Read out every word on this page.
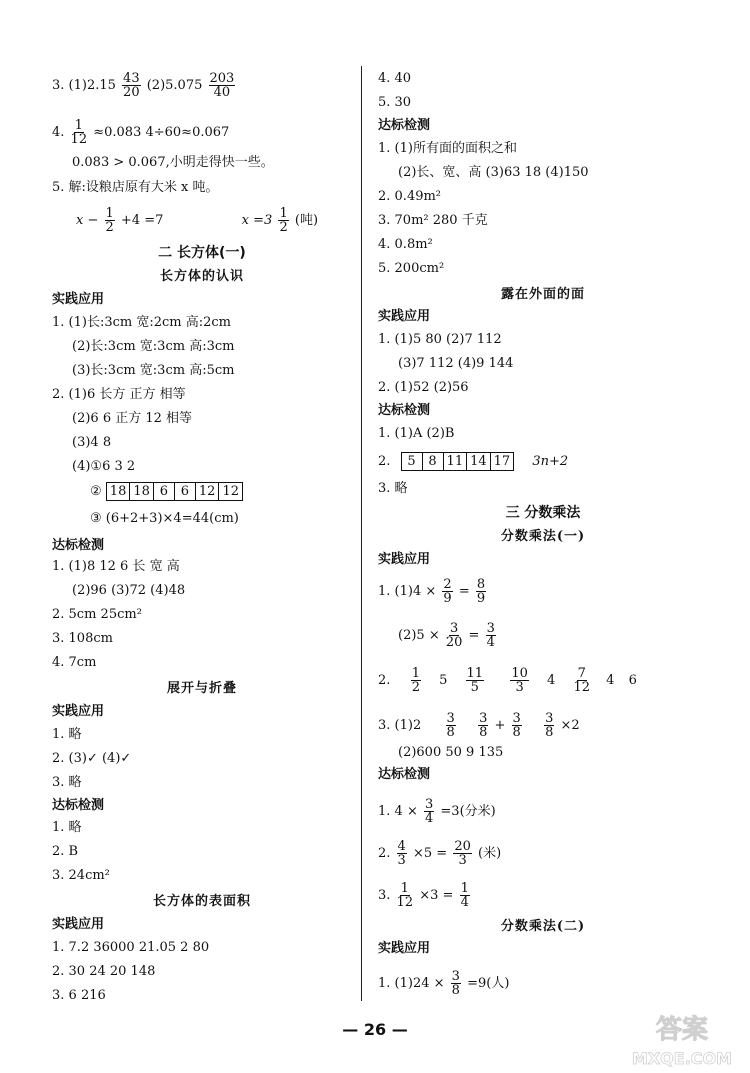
3. $(1)2.15 \frac{43}{20} (2)5.075 \frac{203}{40}$
4. $\frac{1}{12} \approx 0.083$ 4÷60≈0.067
0.083 > 0.067,小明走得快一些。
5. 解:设粮店原有大米 x 吨。
$x - \frac{1}{2} +4 =7$	$x =3 \frac{1}{2}$ (吨)
二 长方体(一)
长方体的认识
实践应用
1. (1)长:3cm 宽:2cm 高:2cm
(2)长:3cm 宽:3cm 高:3cm
(3)长:3cm 宽:3cm 高:5cm
2. (1)6 长方 正方 相等
(2)6 6 正方 12 相等
(3)4 8
(4)①6 3 2
② 18 18 6 6 12 12
③ (6+2+3)×4=44(cm)
达标检测
1. (1)8 12 6 长 宽 高
(2)96 (3)72 (4)48
2. 5cm 25cm²
3. 108cm
4. 7cm
展开与折叠
实践应用
1. 略
2. (3)✓ (4)✓
3. 略
达标检测
1. 略
2. B
3. 24cm²
长方体的表面积
实践应用
1. 7.2 36000 21.05 2 80
2. 30 24 20 148
3. 6 216
4. 40
5. 30
达标检测
1. (1)所有面的面积之和
(2)长、宽、高 (3)63 18 (4)150
2. 0.49m²
3. 70m² 280 千克
4. 0.8m²
5. 200cm²
露在外面的面
实践应用
1. (1)5 80 (2)7 112
(3)7 112 (4)9 144
2. (1)52 (2)56
达标检测
1. (1)A (2)B
2.	5 8 11 14 17	3n+2
3. 略
三 分数乘法
分数乘法(一)
实践应用
1. $(1)4 \times \frac{2}{9} = \frac{8}{9}$
$(2)5 \times \frac{3}{20} = \frac{3}{4}$
2. $\frac{1}{2} 5 \frac{11}{5}$
$\frac{10}{3} 4 \frac{7}{12} 4$ 6
3. $(1)2 \frac{3}{8}$
$\frac{3}{8} + \frac{3}{8}$
$\frac{3}{8} \times 2$
(2)600 50 9 135
达标检测
1. $4 \times \frac{3}{4} =3$(分米)
2. $\frac{4}{3} \times 5 = \frac{20}{3}$ (米)
3. $\frac{1}{12} \times 3 = \frac{1}{4}$
分数乘法(二)
实践应用
1. $(1)24 \times \frac{3}{8} =9$(人)
— 26 —	答案
MXQE.COM
